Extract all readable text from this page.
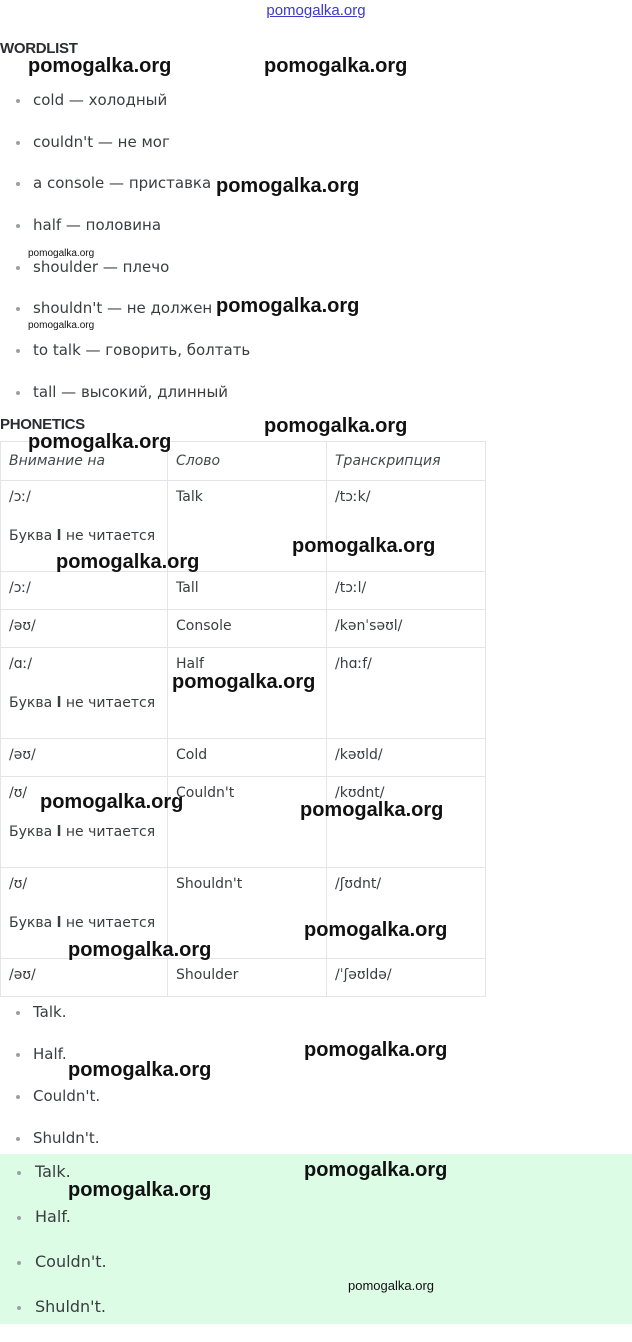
pomogalka.org
WORDLIST
cold — холодный
couldn't — не мог
a console — приставка
half — половина
shoulder — плечо
shouldn't — не должен
to talk — говорить, болтать
tall — высокий, длинный
PHONETICS
Внимание на	Слово	Транскрипция
/ɔː/
Буква l не читается	Talk	/tɔːk/
/ɔː/	Tall	/tɔːl/
/əʊ/	Console	/kənˈsəʊl/
/ɑː/
Буква l не читается	Half	/hɑːf/
/əʊ/	Cold	/kəʊld/
/ʊ/
Буква l не читается	Couldn't	/kʊdnt/
/ʊ/
Буква l не читается	Shouldn't	/ʃʊdnt/
/əʊ/	Shoulder	/ˈʃəʊldə/
Talk.
Half.
Couldn't.
Shuldn't.
Talk.
Half.
Couldn't.
Shuldn't.
pomogalka.org	pomogalka.org
pomogalka.org
pomogalka.org
pomogalka.org
pomogalka.org
pomogalka.org
pomogalka.org
pomogalka.org
pomogalka.org
pomogalka.org
pomogalka.org	pomogalka.org
pomogalka.org
pomogalka.org
pomogalka.org
pomogalka.org
pomogalka.org
pomogalka.org
pomogalka.org
